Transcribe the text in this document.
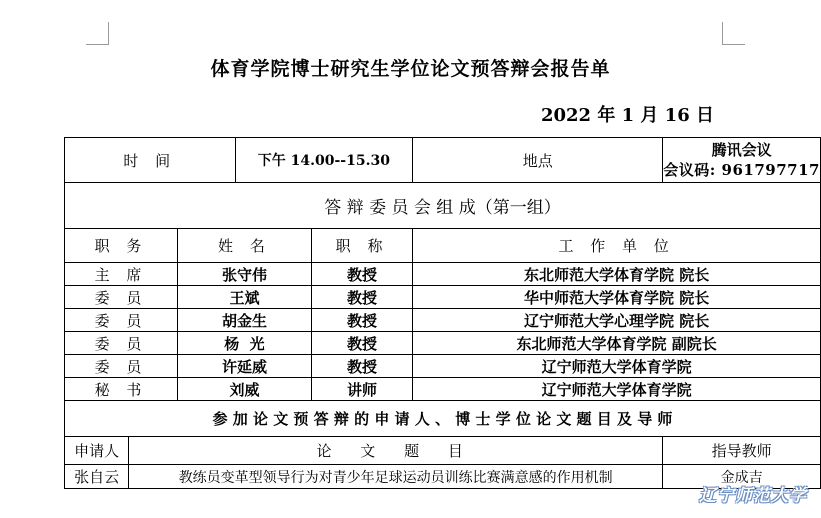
体育学院博士研究生学位论文预答辩会报告单
2022 年 1 月 16 日
时 间			下午 14.00--15.30		地点	腾讯会议
会议码: 961797717

答 辩 委 员 会 组 成（第一组）						
职 务		姓 名		职 称	工 作 单 位	
主 席		张守伟		教授	东北师范大学体育学院 院长	
委 员		王斌		教授	华中师范大学体育学院 院长	
委 员		胡金生		教授	辽宁师范大学心理学院 院长	
委 员		杨  光		教授	东北师范大学体育学院 副院长	
委 员		许延威		教授	辽宁师范大学体育学院	
秘 书		刘威		讲师	辽宁师范大学体育学院	
参 加 论 文 预 答 辩 的 申 请 人 、 博 士 学 位 论 文 题 目 及 导 师						
申请人	论 文 题 目					指导教师
张自云	教练员变革型领导行为对青少年足球运动员训练比赛满意感的作用机制					金成吉
辽宁师范大学
